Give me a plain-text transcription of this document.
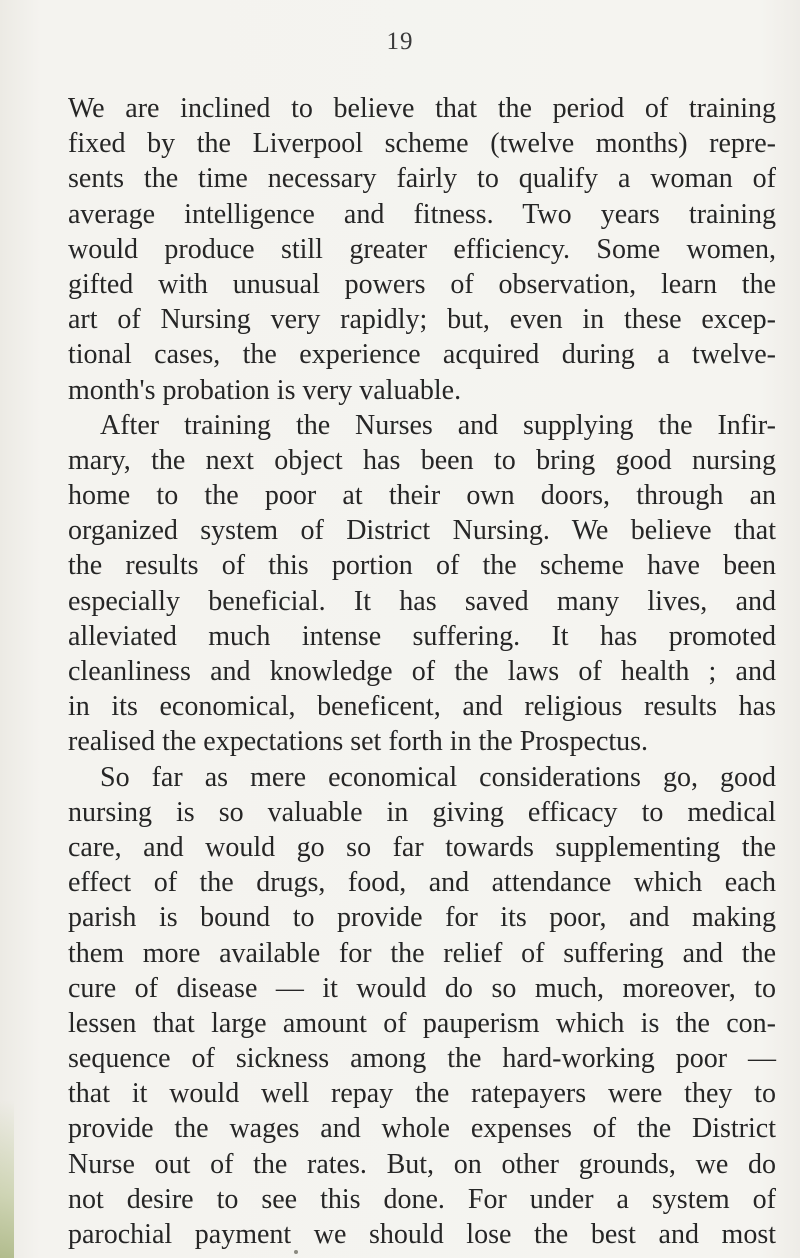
19
We are inclined to believe that the period of training
fixed by the Liverpool scheme (twelve months) repre-
sents the time necessary fairly to qualify a woman of
average intelligence and fitness. Two years training
would produce still greater efficiency. Some women,
gifted with unusual powers of observation, learn the
art of Nursing very rapidly; but, even in these excep-
tional cases, the experience acquired during a twelve-
month's probation is very valuable.
After training the Nurses and supplying the Infir-
mary, the next object has been to bring good nursing
home to the poor at their own doors, through an
organized system of District Nursing. We believe that
the results of this portion of the scheme have been
especially beneficial. It has saved many lives, and
alleviated much intense suffering. It has promoted
cleanliness and knowledge of the laws of health ; and
in its economical, beneficent, and religious results has
realised the expectations set forth in the Prospectus.
So far as mere economical considerations go, good
nursing is so valuable in giving efficacy to medical
care, and would go so far towards supplementing the
effect of the drugs, food, and attendance which each
parish is bound to provide for its poor, and making
them more available for the relief of suffering and the
cure of disease — it would do so much, moreover, to
lessen that large amount of pauperism which is the con-
sequence of sickness among the hard-working poor —
that it would well repay the ratepayers were they to
provide the wages and whole expenses of the District
Nurse out of the rates. But, on other grounds, we do
not desire to see this done. For under a system of
parochial payment we should lose the best and most
